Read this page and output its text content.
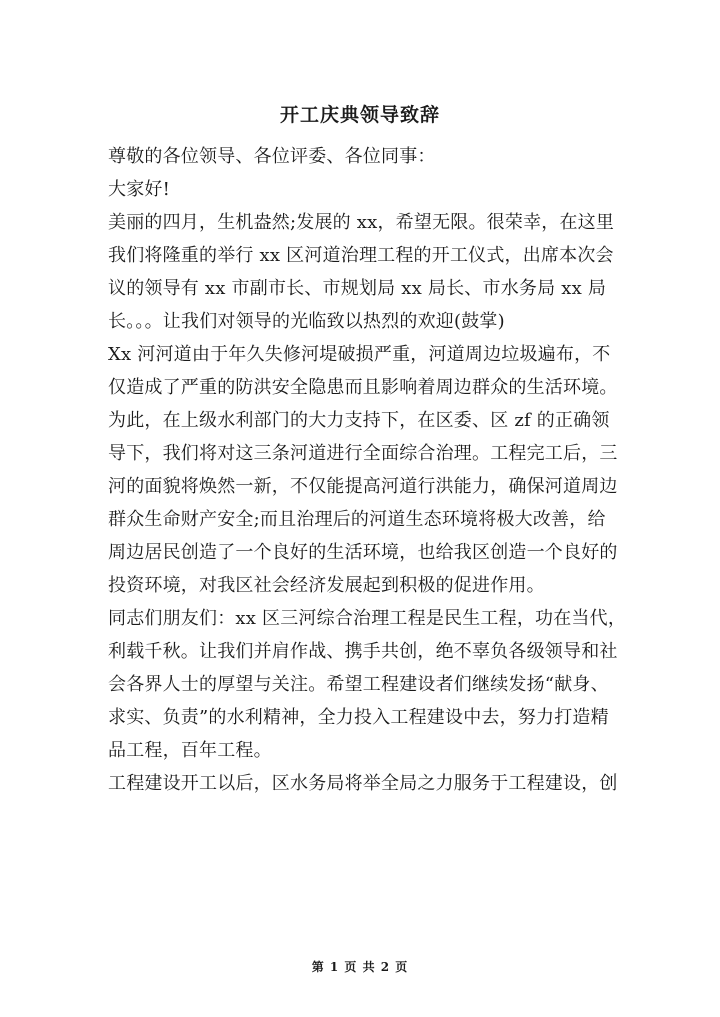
开工庆典领导致辞
尊敬的各位领导、各位评委、各位同事：
大家好!
美丽的四月，生机盎然;发展的 xx，希望无限。很荣幸，在这里
我们将隆重的举行 xx 区河道治理工程的开工仪式，出席本次会
议的领导有 xx 市副市长、市规划局 xx 局长、市水务局 xx 局
长。。。让我们对领导的光临致以热烈的欢迎(鼓掌)
Xx 河河道由于年久失修河堤破损严重，河道周边垃圾遍布，不
仅造成了严重的防洪安全隐患而且影响着周边群众的生活环境。
为此，在上级水利部门的大力支持下，在区委、区 zf 的正确领
导下，我们将对这三条河道进行全面综合治理。工程完工后，三
河的面貌将焕然一新，不仅能提高河道行洪能力，确保河道周边
群众生命财产安全;而且治理后的河道生态环境将极大改善，给
周边居民创造了一个良好的生活环境，也给我区创造一个良好的
投资环境，对我区社会经济发展起到积极的促进作用。
同志们朋友们：xx 区三河综合治理工程是民生工程，功在当代，
利载千秋。让我们并肩作战、携手共创，绝不辜负各级领导和社
会各界人士的厚望与关注。希望工程建设者们继续发扬“献身、
求实、负责”的水利精神，全力投入工程建设中去，努力打造精
品工程，百年工程。
工程建设开工以后，区水务局将举全局之力服务于工程建设，创
第 1 页 共 2 页
